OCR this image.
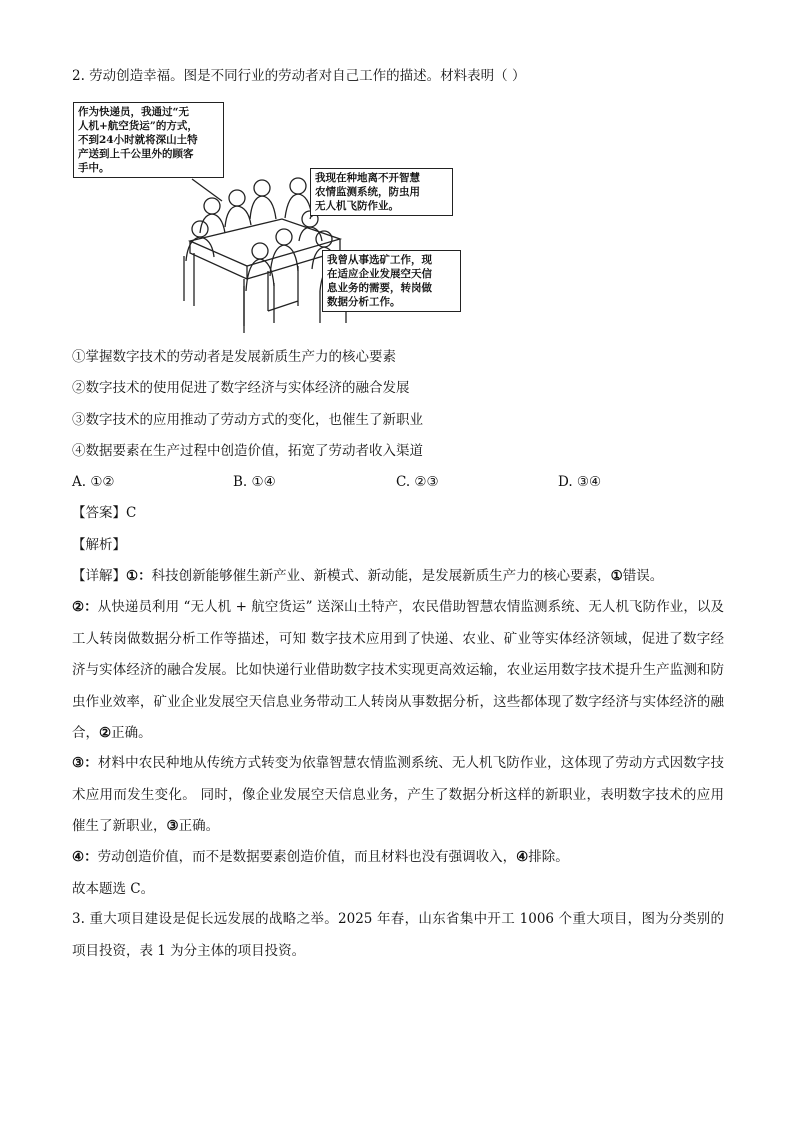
2. 劳动创造幸福。图是不同行业的劳动者对自己工作的描述。材料表明（ ）
作为快递员，我通过“无
人机+航空货运”的方式，
不到24小时就将深山土特
产送到上千公里外的顾客
手中。
我现在种地离不开智慧
农情监测系统，防虫用
无人机飞防作业。
我曾从事选矿工作，现
在适应企业发展空天信
息业务的需要，转岗做
数据分析工作。
①掌握数字技术的劳动者是发展新质生产力的核心要素
②数字技术的使用促进了数字经济与实体经济的融合发展
③数字技术的应用推动了劳动方式的变化，也催生了新职业
④数据要素在生产过程中创造价值，拓宽了劳动者收入渠道
A. ①②	B. ①④	C. ②③	D. ③④
【答案】C
【解析】
【详解】①：科技创新能够催生新产业、新模式、新动能，是发展新质生产力的核心要素，①错误。
②：从快递员利用 “无人机 + 航空货运” 送深山土特产，农民借助智慧农情监测系统、无人机飞防作业，以及工人转岗做数据分析工作等描述，可知 数字技术应用到了快递、农业、矿业等实体经济领域，促进了数字经济与实体经济的融合发展。比如快递行业借助数字技术实现更高效运输，农业运用数字技术提升生产监测和防虫作业效率，矿业企业发展空天信息业务带动工人转岗从事数据分析，这些都体现了数字经济与实体经济的融合，②正确。
③：材料中农民种地从传统方式转变为依靠智慧农情监测系统、无人机飞防作业，这体现了劳动方式因数字技术应用而发生变化。 同时，像企业发展空天信息业务，产生了数据分析这样的新职业，表明数字技术的应用催生了新职业，③正确。
④：劳动创造价值，而不是数据要素创造价值，而且材料也没有强调收入，④排除。
故本题选 C。
3. 重大项目建设是促长远发展的战略之举。2025 年春，山东省集中开工 1006 个重大项目，图为分类别的项目投资，表 1 为分主体的项目投资。
